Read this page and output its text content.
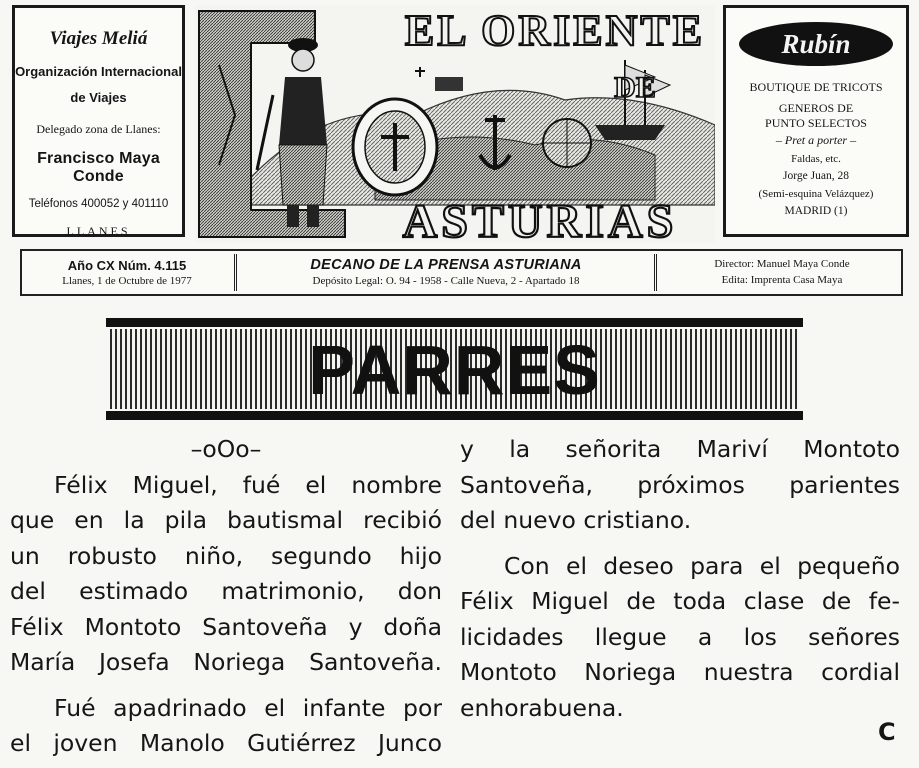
Viajes Meliá
Organización Internacional
de Viajes
Delegado zona de Llanes:
Francisco Maya Conde
Teléfonos 400052 y 401110
LLANES
EL ORIENTE
DE
ASTURIAS
Rubín
BOUTIQUE DE TRICOTS
GENEROS DE
PUNTO SELECTOS
– Pret a porter –
Faldas, etc.
Jorge Juan, 28
(Semi-esquina Velázquez)
MADRID (1)
Año CX Núm. 4.115
Llanes, 1 de Octubre de 1977
DECANO DE LA PRENSA ASTURIANA
Depósito Legal: O. 94 - 1958 - Calle Nueva, 2 - Apartado 18
Director: Manuel Maya Conde
Edita: Imprenta Casa Maya
PARRES
–oOo–
Félix Miguel, fué el nombre
que en la pila bautismal recibió
un robusto niño, segundo hijo
del estimado matrimonio, don
Félix Montoto Santoveña y doña
María Josefa Noriega Santoveña.
Fué apadrinado el infante por
el joven Manolo Gutiérrez Junco
y la señorita Mariví Montoto
Santoveña, próximos parientes
del nuevo cristiano.
Con el deseo para el pequeño
Félix Miguel de toda clase de fe-
licidades llegue a los señores
Montoto Noriega nuestra cordial
enhorabuena.
C
